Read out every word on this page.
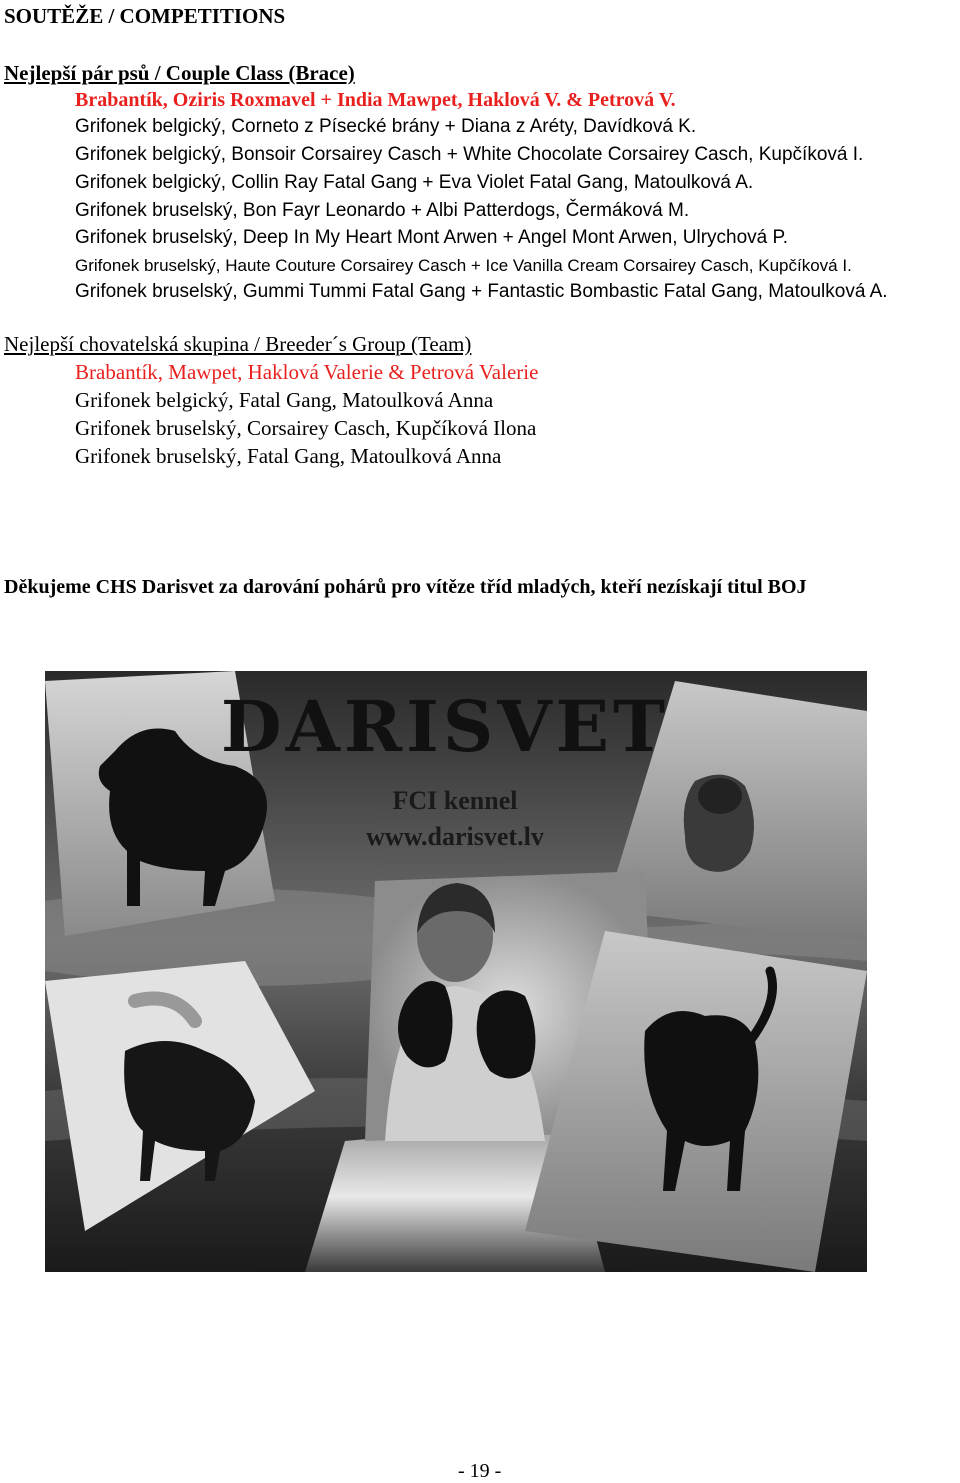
SOUTĚŽE / COMPETITIONS
Nejlepší pár psů / Couple Class (Brace)
Brabantík, Oziris Roxmavel + India Mawpet, Haklová V. & Petrová V.
Grifonek belgický, Corneto z Písecké brány + Diana z Aréty, Davídková K.
Grifonek belgický, Bonsoir Corsairey Casch + White Chocolate Corsairey Casch, Kupčíková I.
Grifonek belgický, Collin Ray Fatal Gang + Eva Violet Fatal Gang, Matoulková A.
Grifonek bruselský, Bon Fayr Leonardo + Albi Patterdogs, Čermáková M.
Grifonek bruselský, Deep In My Heart Mont Arwen + Angel Mont Arwen, Ulrychová P.
Grifonek bruselský, Haute Couture Corsairey Casch + Ice Vanilla Cream Corsairey Casch, Kupčíková I.
Grifonek bruselský, Gummi Tummi Fatal Gang + Fantastic Bombastic Fatal Gang, Matoulková A.
Nejlepší chovatelská skupina / Breeder´s Group (Team)
Brabantík, Mawpet, Haklová Valerie & Petrová Valerie
Grifonek belgický, Fatal Gang, Matoulková Anna
Grifonek bruselský, Corsairey Casch, Kupčíková Ilona
Grifonek bruselský, Fatal Gang, Matoulková Anna
Děkujeme CHS Darisvet za darování pohárů pro vítěze tříd mladých, kteří nezískají titul BOJ
DARISVET
FCI kennel
www.darisvet.lv
- 19 -
